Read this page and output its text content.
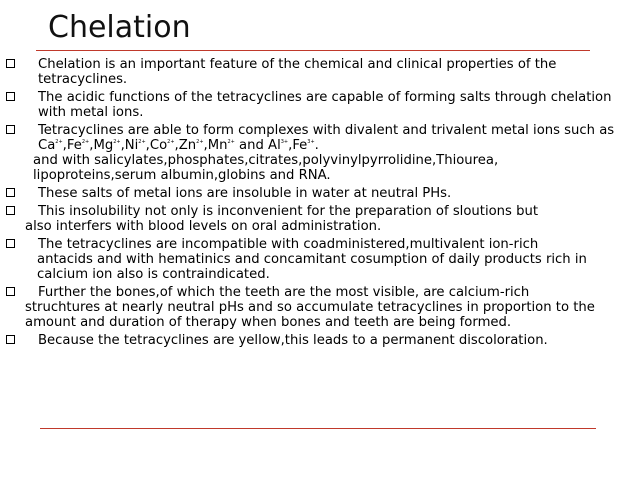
Chelation
Chelation is an important feature of the chemical and clinical properties of the tetracyclines.
The acidic functions of the tetracyclines are capable of forming salts through chelation with metal ions.
Tetracyclines are able to form complexes with divalent and trivalent metal ions such as $Ca^{2+},Fe^{2+},Mg^{2+},Ni^{2+},Co^{2+},Zn^{2+},Mn^{2+}$ and $Al^{3+},Fe^{3+}$.
and with salicylates,phosphates,citrates,polyvinylpyrrolidine,Thiourea,
lipoproteins,serum albumin,globins and RNA.
These salts of metal ions are insoluble in water at neutral PHs.
This insolubility not only is inconvenient for the preparation of sloutions but
also interfers with blood levels on oral administration.
The tetracyclines are incompatible with coadministered,multivalent ion-rich
antacids and with hematinics and concamitant cosumption of daily products rich in calcium ion also is contraindicated.
Further the bones,of which the teeth are the most visible, are calcium-rich
struchtures at nearly neutral pHs and so accumulate tetracyclines in proportion to the amount and duration of therapy when bones and teeth are being formed.
Because the tetracyclines are yellow,this leads to a permanent discoloration.
